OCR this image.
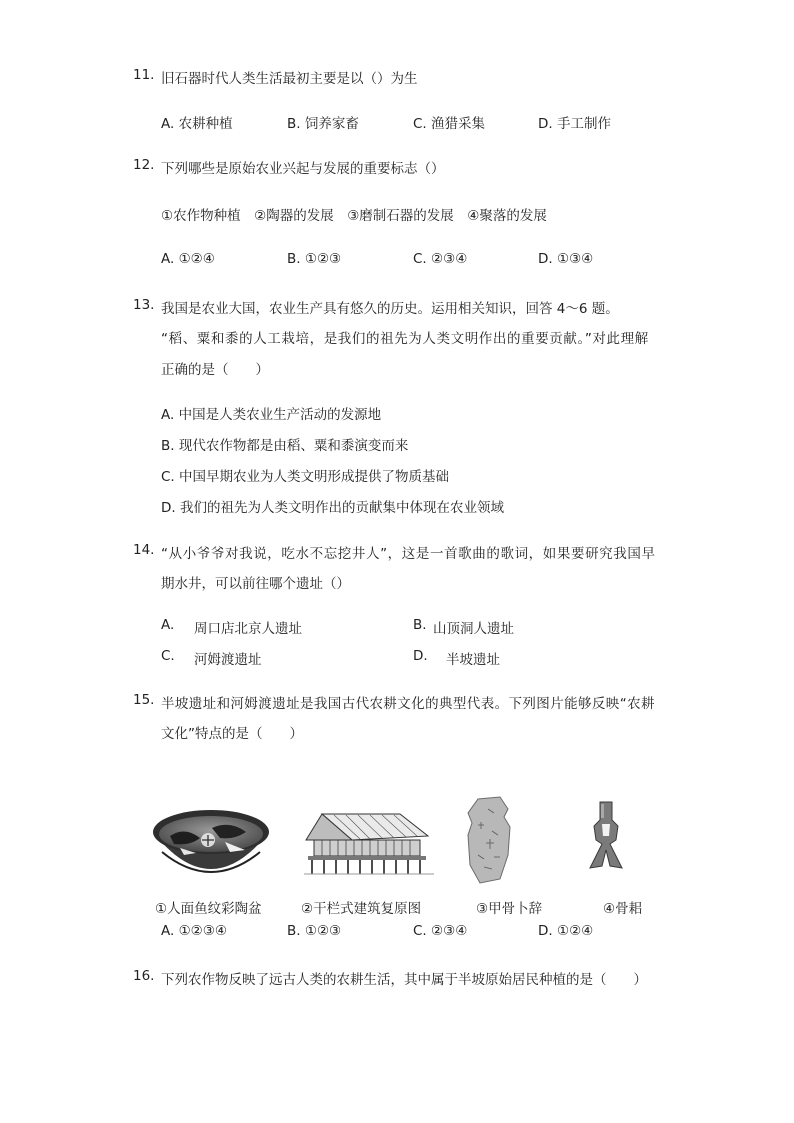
11. 旧石器时代人类生活最初主要是以（）为生
A. 农耕种植	B. 饲养家畜	C. 渔猎采集	D. 手工制作
12. 下列哪些是原始农业兴起与发展的重要标志（）
①农作物种植　②陶器的发展　③磨制石器的发展　④聚落的发展
A. ①②④	B. ①②③	C. ②③④	D. ①③④
13. 我国是农业大国，农业生产具有悠久的历史。运用相关知识，回答 4～6 题。
“稻、粟和黍的人工栽培，是我们的祖先为人类文明作出的重要贡献。”对此理解
正确的是（　　）
A. 中国是人类农业生产活动的发源地
B. 现代农作物都是由稻、粟和黍演变而来
C. 中国早期农业为人类文明形成提供了物质基础
D. 我们的祖先为人类文明作出的贡献集中体现在农业领域
14. “从小爷爷对我说，吃水不忘挖井人”，这是一首歌曲的歌词，如果要研究我国早
期水井，可以前往哪个遗址（）
A. 周口店北京人遗址	B. 山顶洞人遗址
C. 河姆渡遗址	D. 半坡遗址
15. 半坡遗址和河姆渡遗址是我国古代农耕文化的典型代表。下列图片能够反映“农耕
文化”特点的是（　　）
①人面鱼纹彩陶盆	②干栏式建筑复原图	③甲骨卜辞	④骨耜
A. ①②③④	B. ①②③	C. ②③④	D. ①②④
16. 下列农作物反映了远古人类的农耕生活，其中属于半坡原始居民种植的是（　　）
